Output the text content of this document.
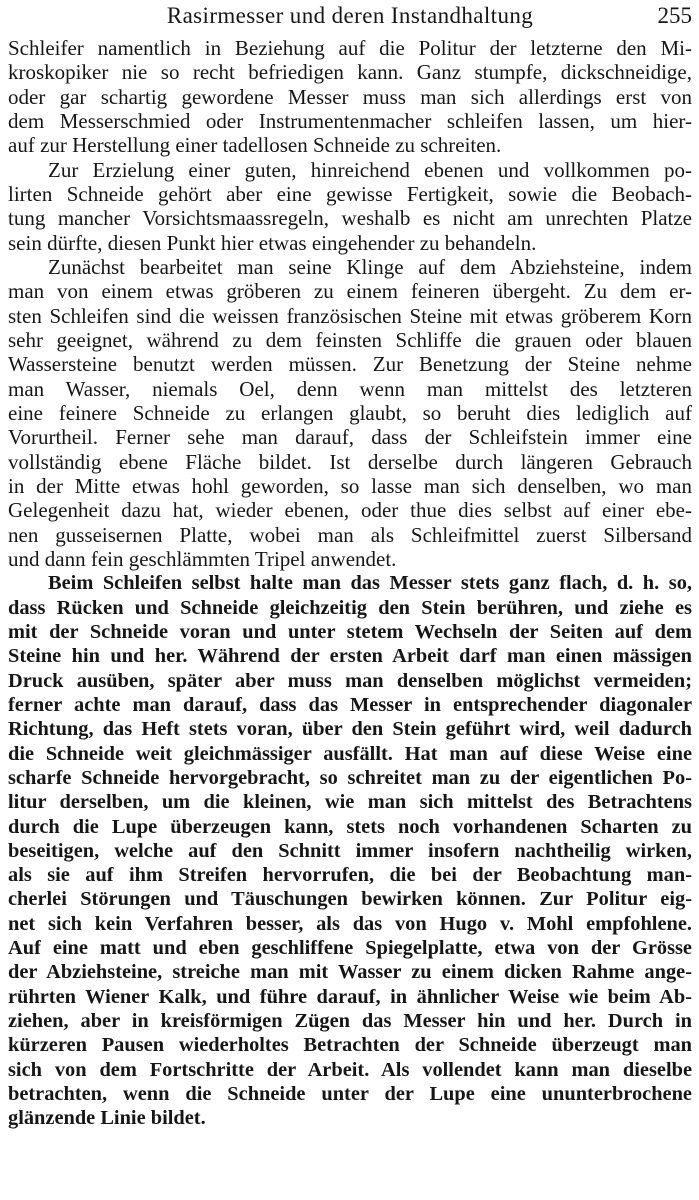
Rasirmesser und deren Instandhaltung	255
Schleifer namentlich in Beziehung auf die Politur der letzterne den Mi-
kroskopiker nie so recht befriedigen kann. Ganz stumpfe, dickschneidige,
oder gar schartig gewordene Messer muss man sich allerdings erst von
dem Messerschmied oder Instrumentenmacher schleifen lassen, um hier-
auf zur Herstellung einer tadellosen Schneide zu schreiten.
Zur Erzielung einer guten, hinreichend ebenen und vollkommen po-
lirten Schneide gehört aber eine gewisse Fertigkeit, sowie die Beobach-
tung mancher Vorsichtsmaassregeln, weshalb es nicht am unrechten Platze
sein dürfte, diesen Punkt hier etwas eingehender zu behandeln.
Zunächst bearbeitet man seine Klinge auf dem Abziehsteine, indem
man von einem etwas gröberen zu einem feineren übergeht. Zu dem er-
sten Schleifen sind die weissen französischen Steine mit etwas gröberem Korn
sehr geeignet, während zu dem feinsten Schliffe die grauen oder blauen
Wassersteine benutzt werden müssen. Zur Benetzung der Steine nehme
man Wasser, niemals Oel, denn wenn man mittelst des letzteren
eine feinere Schneide zu erlangen glaubt, so beruht dies lediglich auf
Vorurtheil. Ferner sehe man darauf, dass der Schleifstein immer eine
vollständig ebene Fläche bildet. Ist derselbe durch längeren Gebrauch
in der Mitte etwas hohl geworden, so lasse man sich denselben, wo man
Gelegenheit dazu hat, wieder ebenen, oder thue dies selbst auf einer ebe-
nen gusseisernen Platte, wobei man als Schleifmittel zuerst Silbersand
und dann fein geschlämmten Tripel anwendet.
Beim Schleifen selbst halte man das Messer stets ganz flach, d. h. so,
dass Rücken und Schneide gleichzeitig den Stein berühren, und ziehe es
mit der Schneide voran und unter stetem Wechseln der Seiten auf dem
Steine hin und her. Während der ersten Arbeit darf man einen mässigen
Druck ausüben, später aber muss man denselben möglichst vermeiden;
ferner achte man darauf, dass das Messer in entsprechender diagonaler
Richtung, das Heft stets voran, über den Stein geführt wird, weil dadurch
die Schneide weit gleichmässiger ausfällt. Hat man auf diese Weise eine
scharfe Schneide hervorgebracht, so schreitet man zu der eigentlichen Po-
litur derselben, um die kleinen, wie man sich mittelst des Betrachtens
durch die Lupe überzeugen kann, stets noch vorhandenen Scharten zu
beseitigen, welche auf den Schnitt immer insofern nachtheilig wirken,
als sie auf ihm Streifen hervorrufen, die bei der Beobachtung man-
cherlei Störungen und Täuschungen bewirken können. Zur Politur eig-
net sich kein Verfahren besser, als das von Hugo v. Mohl empfohlene.
Auf eine matt und eben geschliffene Spiegelplatte, etwa von der Grösse
der Abziehsteine, streiche man mit Wasser zu einem dicken Rahme ange-
rührten Wiener Kalk, und führe darauf, in ähnlicher Weise wie beim Ab-
ziehen, aber in kreisförmigen Zügen das Messer hin und her. Durch in
kürzeren Pausen wiederholtes Betrachten der Schneide überzeugt man
sich von dem Fortschritte der Arbeit. Als vollendet kann man dieselbe
betrachten, wenn die Schneide unter der Lupe eine ununterbrochene
glänzende Linie bildet.
